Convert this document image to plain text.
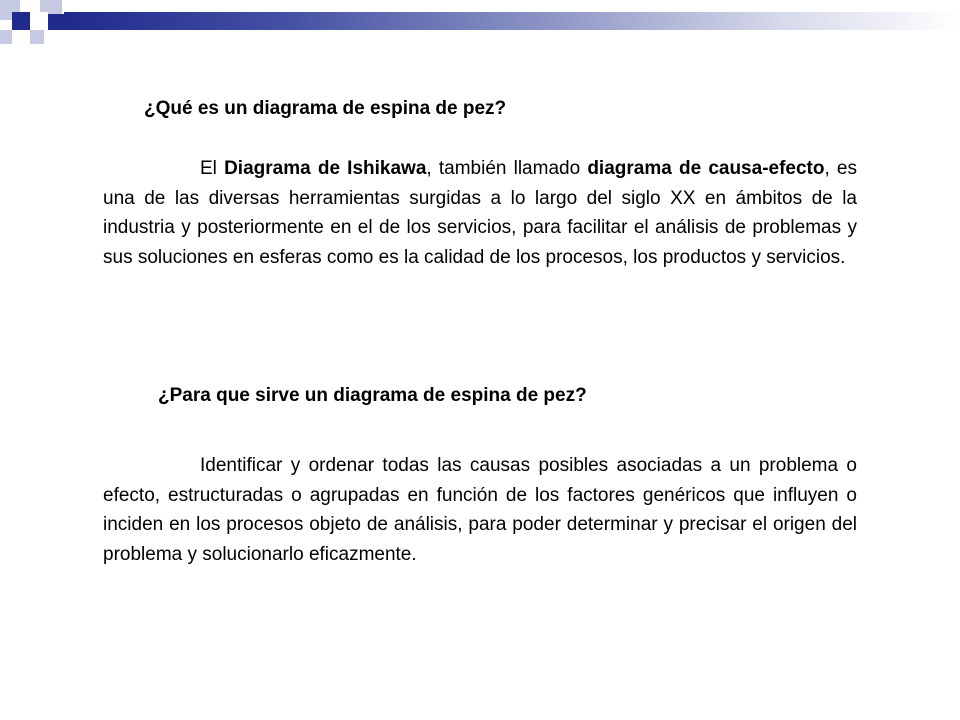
¿Qué es un diagrama de espina de pez?

El Diagrama de Ishikawa, también llamado diagrama de causa-efecto, es una de las diversas herramientas surgidas a lo largo del siglo XX en ámbitos de la industria y posteriormente en el de los servicios, para facilitar el análisis de problemas y sus soluciones en esferas como es la calidad de los procesos, los productos y servicios.

¿Para que sirve un diagrama de espina de pez?

Identificar y ordenar todas las causas posibles asociadas a un problema o efecto, estructuradas o agrupadas en función de los factores genéricos que influyen o inciden en los procesos objeto de análisis, para poder determinar y precisar el origen del problema y solucionarlo eficazmente.
